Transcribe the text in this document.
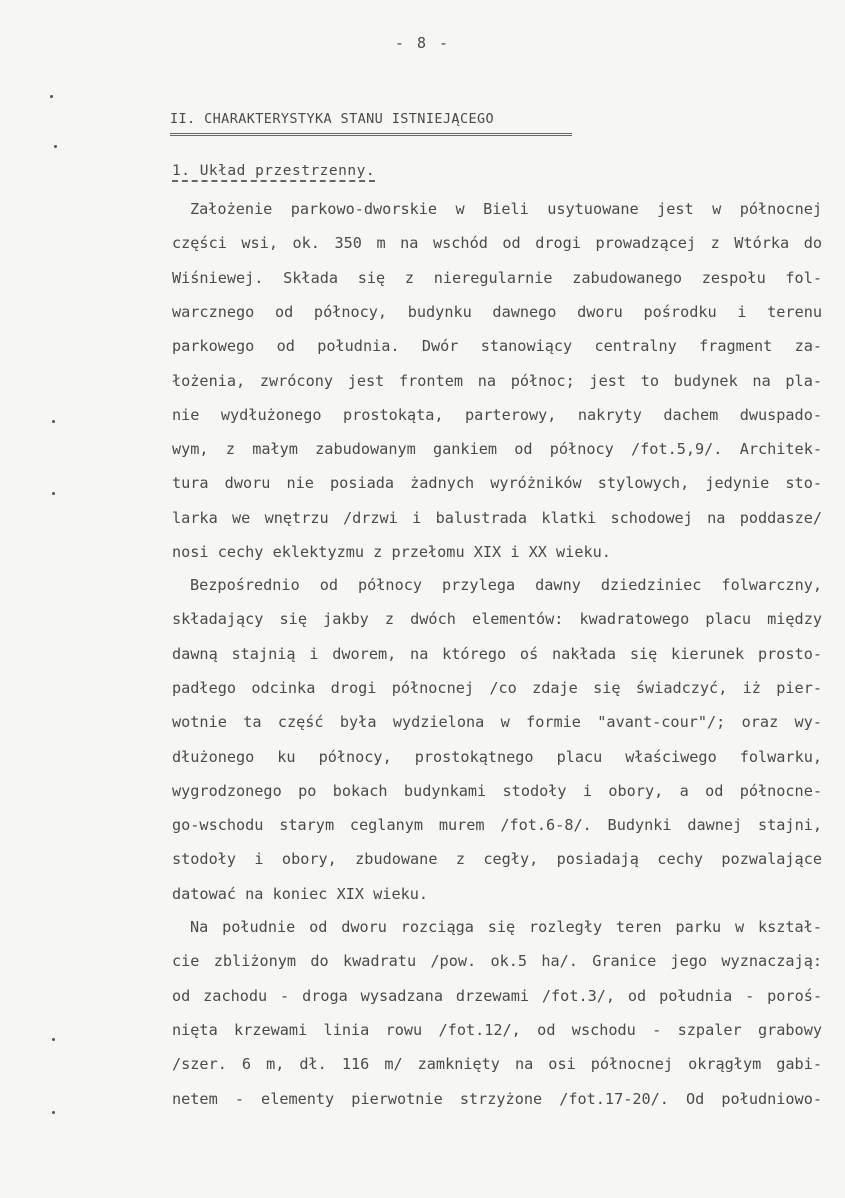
- 8 -
II. CHARAKTERYSTYKA STANU ISTNIEJĄCEGO
1. Układ przestrzenny.
Założenie parkowo-dworskie w Bieli usytuowane jest w północnej
części wsi, ok. 350 m na wschód od drogi prowadzącej z Wtórka do
Wiśniewej. Składa się z nieregularnie zabudowanego zespołu fol-
warcznego od północy, budynku dawnego dworu pośrodku i terenu
parkowego od południa. Dwór stanowiący centralny fragment za-
łożenia, zwrócony jest frontem na północ; jest to budynek na pla-
nie wydłużonego prostokąta, parterowy, nakryty dachem dwuspado-
wym, z małym zabudowanym gankiem od północy /fot.5,9/. Architek-
tura dworu nie posiada żadnych wyróżników stylowych, jedynie sto-
larka we wnętrzu /drzwi i balustrada klatki schodowej na poddasze/
nosi cechy eklektyzmu z przełomu XIX i XX wieku.
Bezpośrednio od północy przylega dawny dziedziniec folwarczny,
składający się jakby z dwóch elementów: kwadratowego placu między
dawną stajnią i dworem, na którego oś nakłada się kierunek prosto-
padłego odcinka drogi północnej /co zdaje się świadczyć, iż pier-
wotnie ta część była wydzielona w formie "avant-cour"/; oraz wy-
dłużonego ku północy, prostokątnego placu właściwego folwarku,
wygrodzonego po bokach budynkami stodoły i obory, a od północne-
go-wschodu starym ceglanym murem /fot.6-8/. Budynki dawnej stajni,
stodoły i obory, zbudowane z cegły, posiadają cechy pozwalające
datować na koniec XIX wieku.
Na południe od dworu rozciąga się rozległy teren parku w kształ-
cie zbliżonym do kwadratu /pow. ok.5 ha/. Granice jego wyznaczają:
od zachodu - droga wysadzana drzewami /fot.3/, od południa - poroś-
nięta krzewami linia rowu /fot.12/, od wschodu - szpaler grabowy
/szer. 6 m, dł. 116 m/ zamknięty na osi północnej okrągłym gabi-
netem - elementy pierwotnie strzyżone /fot.17-20/. Od południowo-
